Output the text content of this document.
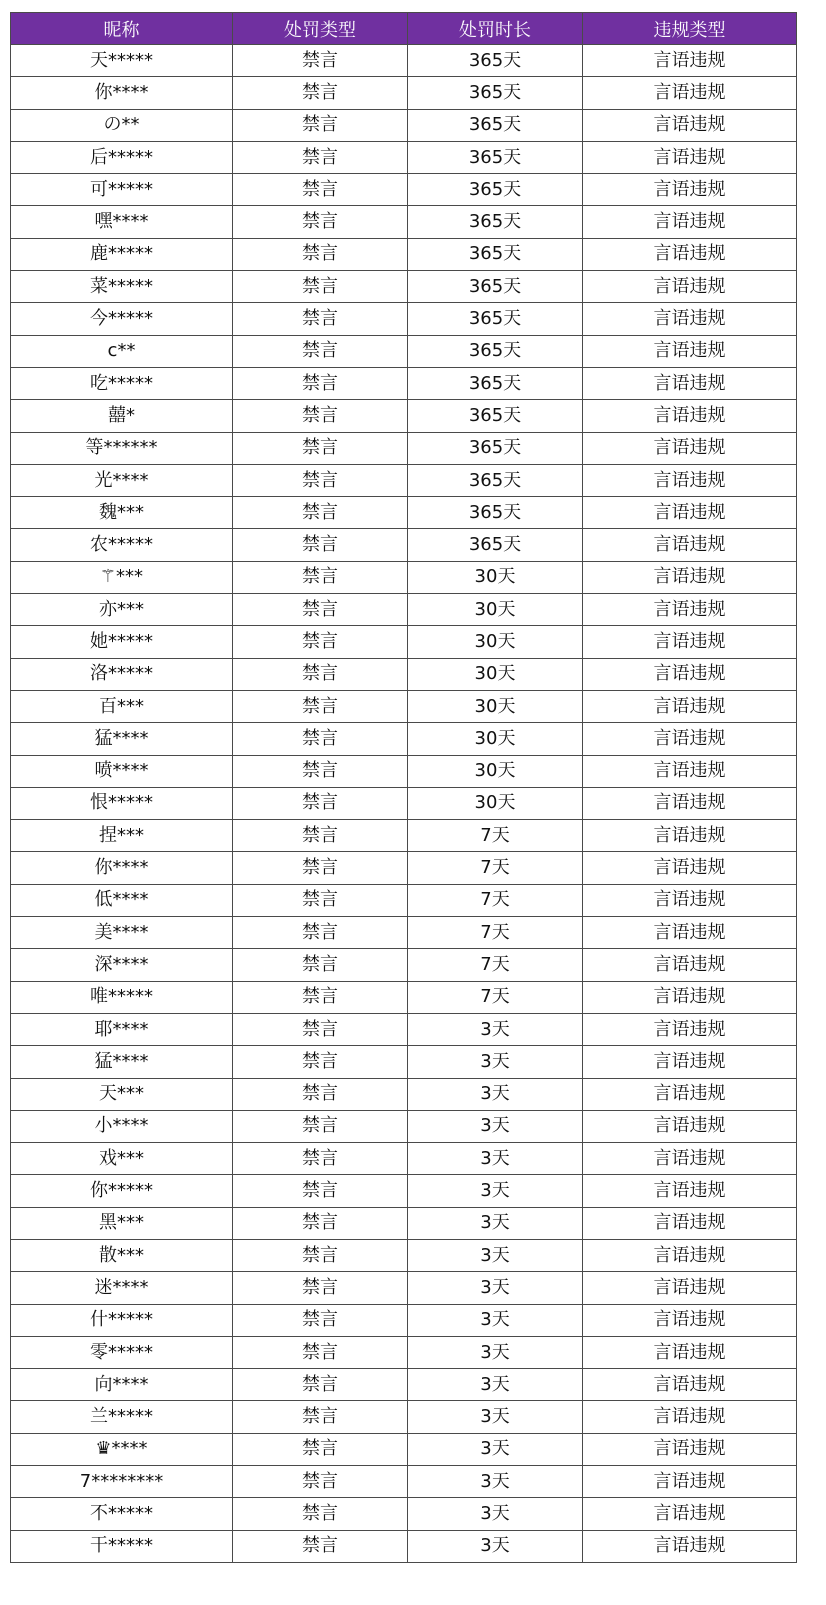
昵称	处罚类型	处罚时长	违规类型
天*****	禁言	365天	言语违规
你****	禁言	365天	言语违规
の**	禁言	365天	言语违规
后*****	禁言	365天	言语违规
可*****	禁言	365天	言语违规
嘿****	禁言	365天	言语违规
鹿*****	禁言	365天	言语违规
菜*****	禁言	365天	言语违规
今*****	禁言	365天	言语违规
c**	禁言	365天	言语违规
吃*****	禁言	365天	言语违规
囍*	禁言	365天	言语违规
等******	禁言	365天	言语违规
光****	禁言	365天	言语违规
魏***	禁言	365天	言语违规
农*****	禁言	365天	言语违规
⚚***	禁言	30天	言语违规
亦***	禁言	30天	言语违规
她*****	禁言	30天	言语违规
洛*****	禁言	30天	言语违规
百***	禁言	30天	言语违规
猛****	禁言	30天	言语违规
喷****	禁言	30天	言语违规
恨*****	禁言	30天	言语违规
捏***	禁言	7天	言语违规
你****	禁言	7天	言语违规
低****	禁言	7天	言语违规
美****	禁言	7天	言语违规
深****	禁言	7天	言语违规
唯*****	禁言	7天	言语违规
耶****	禁言	3天	言语违规
猛****	禁言	3天	言语违规
天***	禁言	3天	言语违规
小****	禁言	3天	言语违规
戏***	禁言	3天	言语违规
你*****	禁言	3天	言语违规
黑***	禁言	3天	言语违规
散***	禁言	3天	言语违规
迷****	禁言	3天	言语违规
什*****	禁言	3天	言语违规
零*****	禁言	3天	言语违规
向****	禁言	3天	言语违规
兰*****	禁言	3天	言语违规
♛****	禁言	3天	言语违规
7********	禁言	3天	言语违规
不*****	禁言	3天	言语违规
干*****	禁言	3天	言语违规
